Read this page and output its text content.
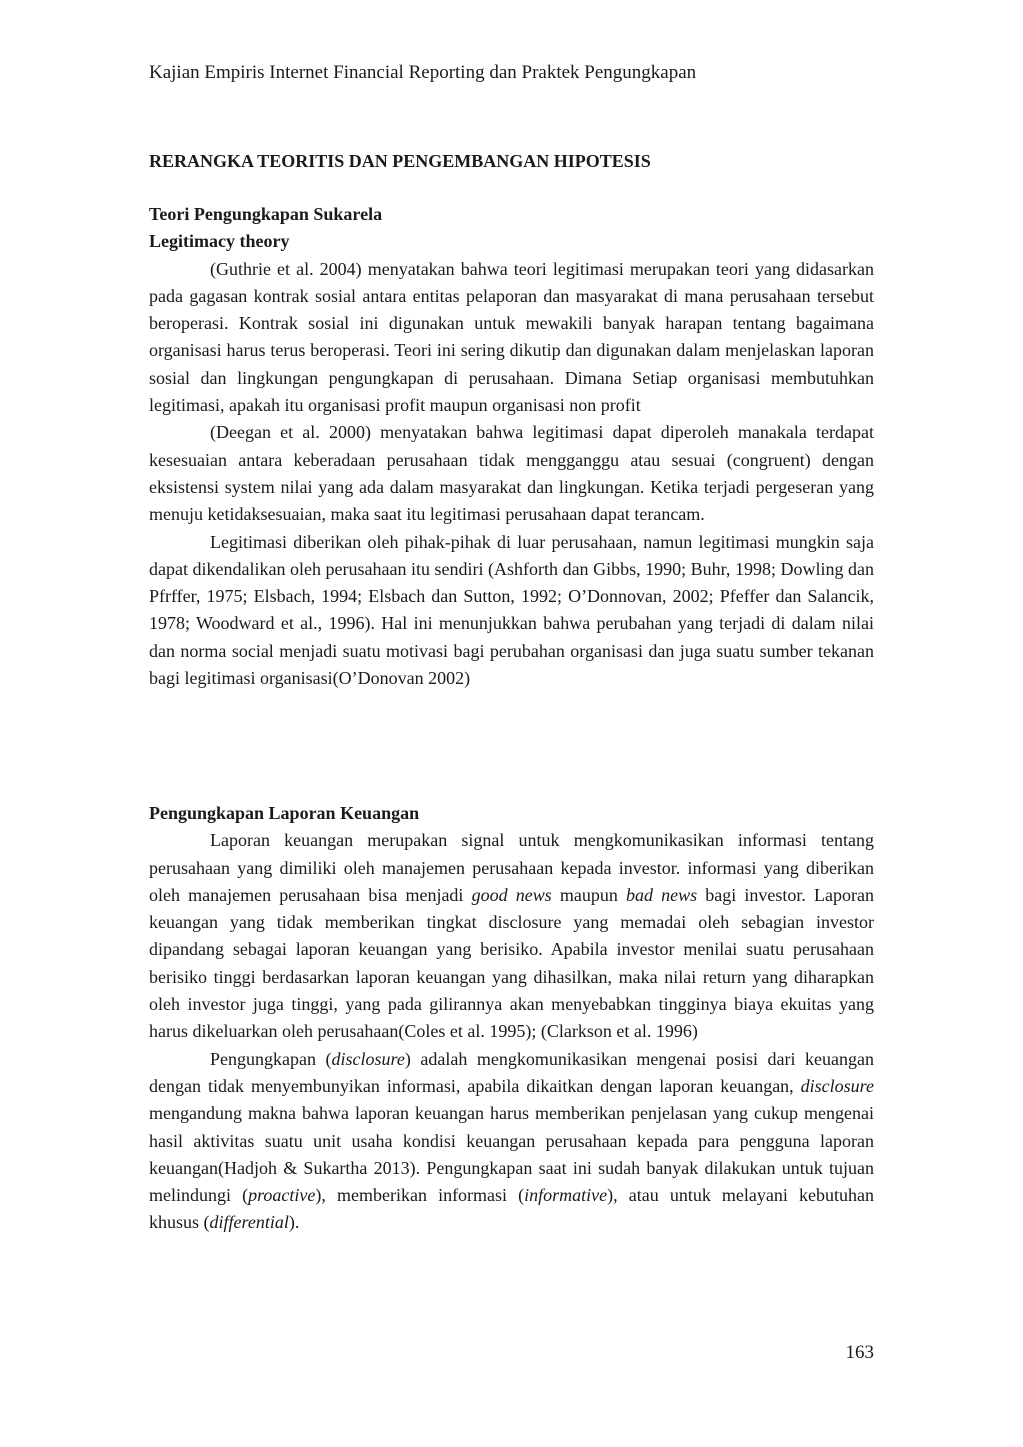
Kajian Empiris Internet Financial Reporting dan Praktek Pengungkapan
RERANGKA TEORITIS DAN PENGEMBANGAN HIPOTESIS
Teori Pengungkapan Sukarela
Legitimacy theory

(Guthrie et al. 2004) menyatakan bahwa teori legitimasi merupakan teori yang didasarkan pada gagasan kontrak sosial antara entitas pelaporan dan masyarakat di mana perusahaan tersebut beroperasi. Kontrak sosial ini digunakan untuk mewakili banyak harapan tentang bagaimana organisasi harus terus beroperasi. Teori ini sering dikutip dan digunakan dalam menjelaskan laporan sosial dan lingkungan pengungkapan di perusahaan. Dimana Setiap organisasi membutuhkan legitimasi, apakah itu organisasi profit maupun organisasi non profit

(Deegan et al. 2000) menyatakan bahwa legitimasi dapat diperoleh manakala terdapat kesesuaian antara keberadaan perusahaan tidak mengganggu atau sesuai (congruent) dengan eksistensi system nilai yang ada dalam masyarakat dan lingkungan. Ketika terjadi pergeseran yang menuju ketidaksesuaian, maka saat itu legitimasi perusahaan dapat terancam.

Legitimasi diberikan oleh pihak-pihak di luar perusahaan, namun legitimasi mungkin saja dapat dikendalikan oleh perusahaan itu sendiri (Ashforth dan Gibbs, 1990; Buhr, 1998; Dowling dan Pfrffer, 1975; Elsbach, 1994; Elsbach dan Sutton, 1992; O’Donnovan, 2002; Pfeffer dan Salancik, 1978; Woodward et al., 1996). Hal ini menunjukkan bahwa perubahan yang terjadi di dalam nilai dan norma social menjadi suatu motivasi bagi perubahan organisasi dan juga suatu sumber tekanan bagi legitimasi organisasi(O’Donovan 2002)

Pengungkapan Laporan Keuangan

Laporan keuangan merupakan signal untuk mengkomunikasikan informasi tentang perusahaan yang dimiliki oleh manajemen perusahaan kepada investor. informasi yang diberikan oleh manajemen perusahaan bisa menjadi good news maupun bad news bagi investor. Laporan keuangan yang tidak memberikan tingkat disclosure yang memadai oleh sebagian investor dipandang sebagai laporan keuangan yang berisiko. Apabila investor menilai suatu perusahaan berisiko tinggi berdasarkan laporan keuangan yang dihasilkan, maka nilai return yang diharapkan oleh investor juga tinggi, yang pada gilirannya akan menyebabkan tingginya biaya ekuitas yang harus dikeluarkan oleh perusahaan(Coles et al. 1995); (Clarkson et al. 1996)

Pengungkapan (disclosure) adalah mengkomunikasikan mengenai posisi dari keuangan dengan tidak menyembunyikan informasi, apabila dikaitkan dengan laporan keuangan, disclosure mengandung makna bahwa laporan keuangan harus memberikan penjelasan yang cukup mengenai hasil aktivitas suatu unit usaha kondisi keuangan perusahaan kepada para pengguna laporan keuangan(Hadjoh & Sukartha 2013). Pengungkapan saat ini sudah banyak dilakukan untuk tujuan melindungi (proactive), memberikan informasi (informative), atau untuk melayani kebutuhan khusus (differential).

163
